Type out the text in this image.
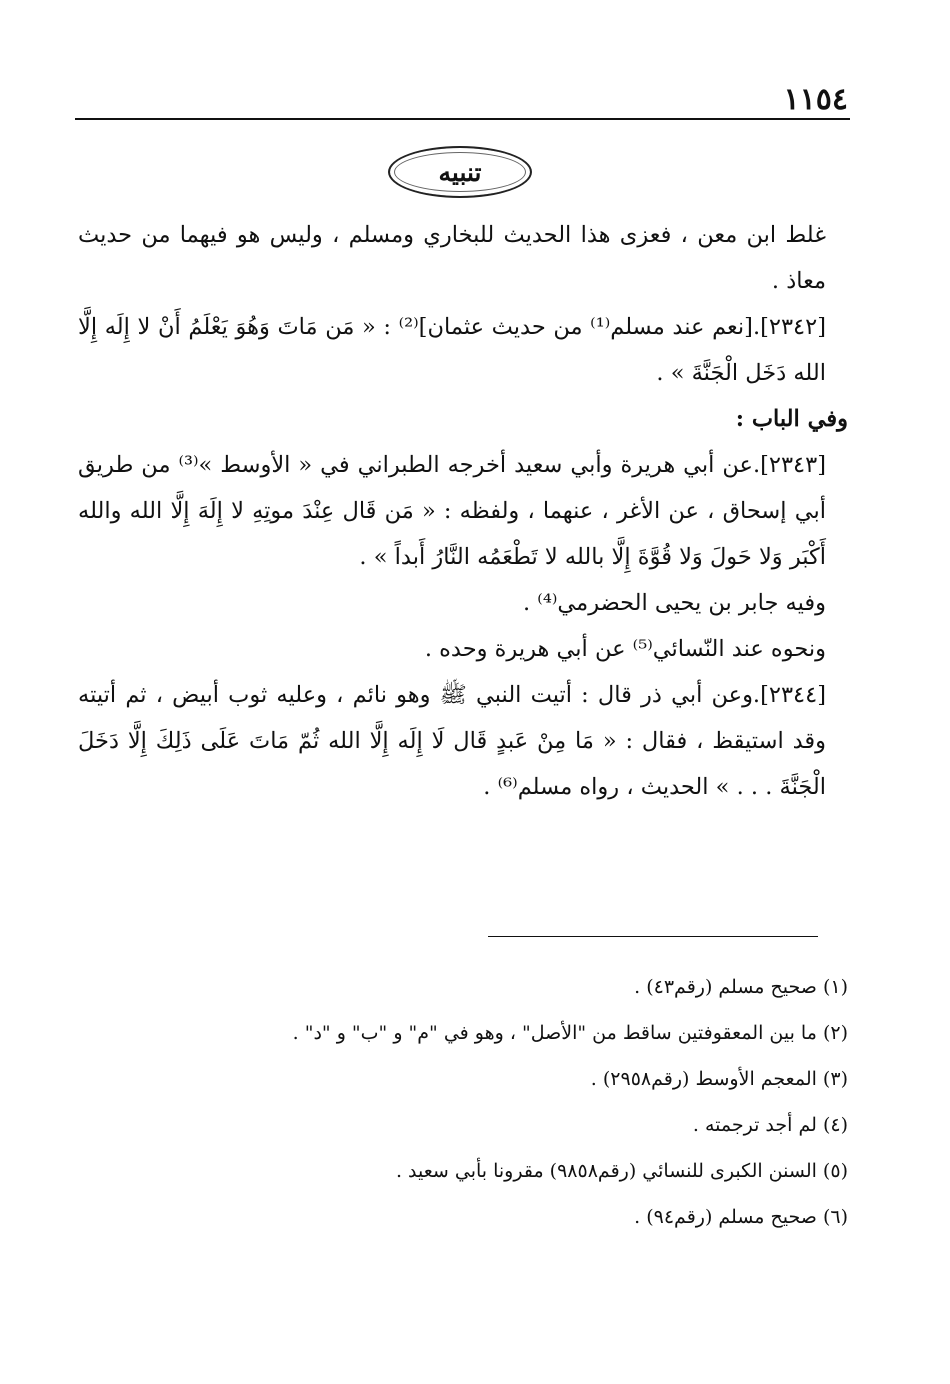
١١٥٤
تنبيه

غلط ابن معن ، فعزى هذا الحديث للبخاري ومسلم ، وليس هو فيهما من حديث معاذ .

[٢٣٤٢].[نعم عند مسلم⁽¹⁾ من حديث عثمان]⁽²⁾ : « مَن مَاتَ وَهُوَ يَعْلَمُ أَنْ لا إِلَه إِلَّا الله دَخَل الْجَنَّةَ » .

وفي الباب :

[٢٣٤٣].عن أبي هريرة وأبي سعيد أخرجه الطبراني في « الأوسط »⁽³⁾ من طريق أبي إسحاق ، عن الأغر ، عنهما ، ولفظه : « مَن قَال عِنْدَ موتِهِ لا إِلَهَ إِلَّا الله والله أَكْبَر وَلا حَولَ وَلا قُوَّةَ إِلَّا بالله لا تَطْعَمُه النَّارُ أَبداً » .

وفيه جابر بن يحيى الحضرمي⁽⁴⁾ .

ونحوه عند النّسائي⁽⁵⁾ عن أبي هريرة وحده .

[٢٣٤٤].وعن أبي ذر قال : أتيت النبي ﷺ وهو نائم ، وعليه ثوب أبيض ، ثم أتيته وقد استيقظ ، فقال : « مَا مِنْ عَبدٍ قَال لَا إِلَه إِلَّا الله ثُمّ مَاتَ عَلَى ذَلِكَ إِلَّا دَخَلَ الْجَنَّةَ . . . » الحديث ، رواه مسلم⁽⁶⁾ .

(١) صحيح مسلم (رقم٤٣) .
(٢) ما بين المعقوفتين ساقط من "الأصل" ، وهو في "م" و "ب" و "د" .
(٣) المعجم الأوسط (رقم٢٩٥٨) .
(٤) لم أجد ترجمته .
(٥) السنن الكبرى للنسائي (رقم٩٨٥٨) مقرونا بأبي سعيد .
(٦) صحيح مسلم (رقم٩٤) .
